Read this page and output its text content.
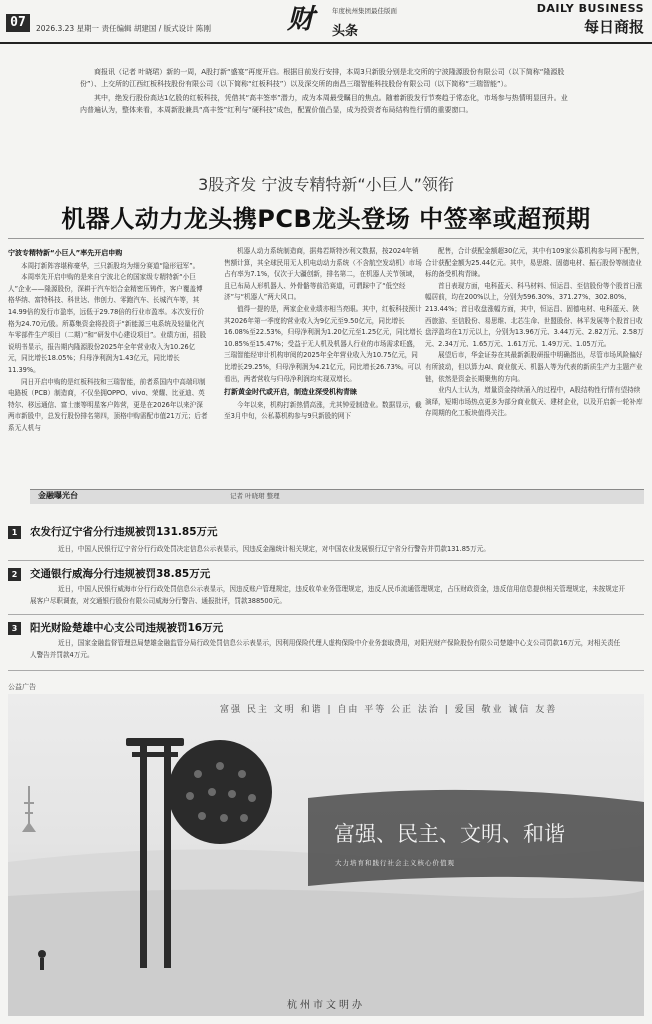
07	2026.3.23 星期一 责任编辑 胡建国 / 版式设计 陈刚	财	年度杭州集团最佳版面
头条
DAILY BUSINESS
每日商报

商报讯（记者 叶晓珺）新的一周，A股打新“盛宴”再度开启。根据目前发行安排，本周3只新股分别是北交所的宁波隆源股份有限公司（以下简称“隆源股份”）、上交所的江西红板科技股份有限公司（以下简称“红板科技”）以及深交所的南昌三瑞智能科技股份有限公司（以下简称“三瑞智能”）。

其中，绝发行股份高达1亿股的红板科技，凭借其“高丰签率”潜力，成为本周最受瞩目的焦点。随着新股发行节奏趋于常态化，市场参与热情明显回升。业内普遍认为，整体来看，本周新股兼具“高丰签”红利与“硬科技”成色，配置价值凸显，成为投资者布局结构性行情的重要窗口。

3股齐发 宁波专精特新“小巨人”领衔
机器人动力龙头携PCB龙头登场 中签率或超预期

宁波专精特新“小巨人”率先开启申购

本周打新阵容堪称豪华，三只新股均为细分赛道“隐形冠军”。

本周率先开启申购的是来自宁波北仑的国家级专精特新“小巨人”企业——隆源股份，深耕于汽车铝合金精密压铸件，客户覆盖博格华纳、富特科技、科世达、伟创力、零跑汽车、长城汽车等，其14.99倍的发行市盈率，远低于29.78倍的行业市盈率。本次发行价格为24.70元/股。所募集资金将投资于“新能源三电系统及轻量化汽车零部件生产项目（二期）”和“研发中心建设项目”。业绩方面，招股说明书显示，报告期内隆源股份2025年全年营业收入为10.26亿元，同比增长18.05%；归母净利润为1.43亿元，同比增长11.39%。

同日开启申购的是红板科技和三瑞智能，前者系国内中高端印制电路板（PCB）制造商，不仅坐拥OPPO、vivo、荣耀、比亚迪、英特尔、移远通信、富士康等明星客户阵营，更是在2026年以来沪深两市新股中，总发行股份排名第四，顶格申购需配市值21万元；后者系无人机与

机器人动力系统制造商，据弗若斯特沙利文数据，按2024年销售额计算，其全球民用无人机电动动力系统（不含航空发动机）市场占有率为7.1%，仅次于大疆创新，排名第二，在机器人关节领域，且已布局人形机器人、外骨骼等前沿赛道，可谓踩中了“低空经济”与“机器人”两大风口。

值得一提的是，两家企业业绩亦相当亮眼。其中，红板科技预计其2026年第一季度的营业收入为9亿元至9.50亿元，同比增长16.08%至22.53%，归母净利润为1.20亿元至1.25亿元，同比增长10.85%至15.47%；受益于无人机及机器人行业的市场需求旺盛，三瑞智能经审计机构审阅的2025年全年营业收入为10.75亿元，同比增长29.25%，归母净利润为4.21亿元，同比增长26.73%。可以看出，两者营收与归母净利润均实现双增长。

打新黄金时代或开启，制造业深受机构青睐

今年以来，机构打新热情高涨，尤其钟爱制造业。数据显示，截至3月中旬，公私募机构参与9只新股的网下

配售，合计获配金额超30亿元，其中有109家公募机构参与网下配售，合计获配金额为25.44亿元。其中，易思维、固德电材、振石股份等制造业标的备受机构青睐。

首日表现方面，电科蓝天、科马材料、恒运昌、至信股份等个股首日涨幅居前，均在200%以上，分别为596.30%、371.27%、302.80%、213.44%；首日收盘涨幅方面，其中，恒运昌、固德电材、电科蓝天、陕西旅游、至信股份、易思维、北芯生命、世盟股份、林平发展等个股首日收盘浮盈均在1万元以上，分别为13.96万元、3.44万元、2.82万元、2.58万元、2.34万元、1.65万元、1.61万元、1.49万元、1.05万元。

展望后市，华金证券在其最新新股研报中明确指出，尽管市场风险偏好有所波动，但以算力AI、商业航天、机器人等为代表的新质生产力主题产业链，依然是资金长期聚焦的方向。

业内人士认为，增量资金持续涌入的过程中，A股结构性行情有望持续演绎，短期市场热点更多为部分商业航天、建材企业，以及开启新一轮补库存周期的化工板块值得关注。

金融曝光台	记者 叶晓珺 整理
1	农发行辽宁省分行违规被罚131.85万元
近日，中国人民银行辽宁省分行行政处罚决定信息公示表显示，因违反金融统计相关规定，对中国农业发展银行辽宁省分行警告并罚款131.85万元。
2	交通银行威海分行违规被罚38.85万元
近日，中国人民银行威海市分行行政处罚信息公示表显示，因违反账户管理规定，违反收单业务管理规定，违反人民币流通管理规定，占压财政资金，违反信用信息提供相关管理规定，未按规定开展客户尽职调查，对交通银行股份有限公司威海分行警告、通报批评，罚款388500元。
3	阳光财险楚雄中心支公司违规被罚16万元
近日，国家金融监督管理总局楚雄金融监管分局行政处罚信息公示表显示，因利用保险代理人虚构保险中介业务套取费用，对阳光财产保险股份有限公司楚雄中心支公司罚款16万元，对相关责任人警告并罚款4万元。
公益广告
富强 民主 文明 和谐 | 自由 平等 公正 法治 | 爱国 敬业 诚信 友善
富强、民主、文明、和谐
大力培育和践行社会主义核心价值观
杭州市文明办
